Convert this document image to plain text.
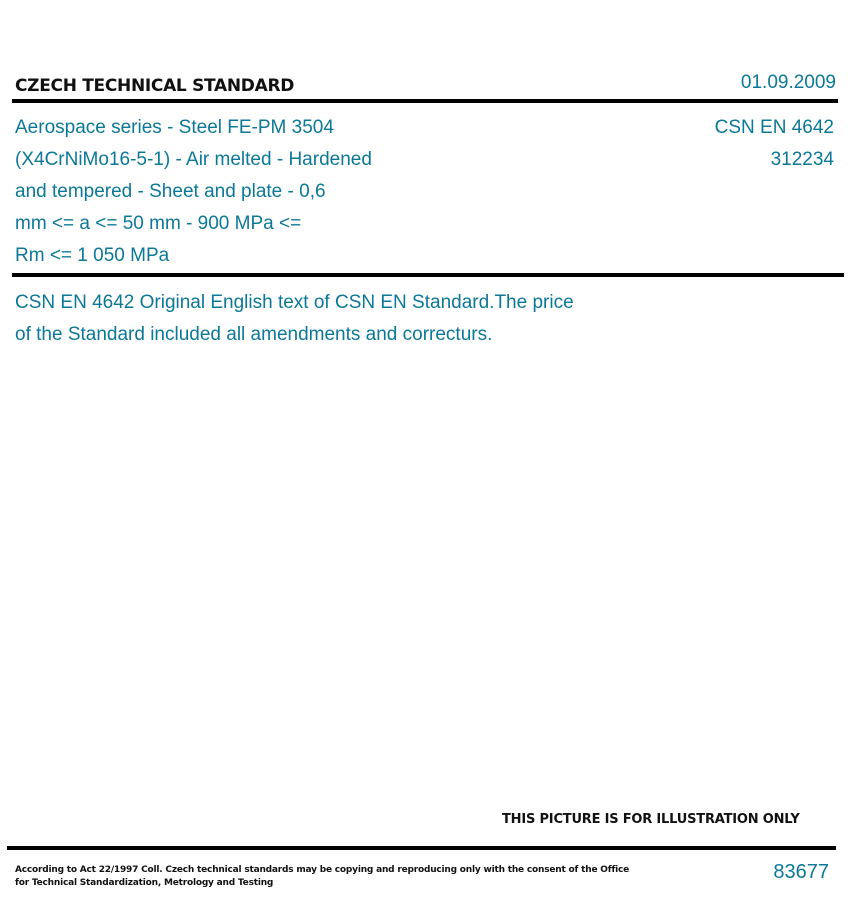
CZECH TECHNICAL STANDARD	01.09.2009
Aerospace series - Steel FE-PM 3504
(X4CrNiMo16-5-1) - Air melted - Hardened
and tempered - Sheet and plate - 0,6
mm <= a <= 50 mm - 900 MPa <=
Rm <= 1 050 MPa
CSN EN 4642
312234
CSN EN 4642 Original English text of CSN EN Standard.The price
of the Standard included all amendments and correcturs.
THIS PICTURE IS FOR ILLUSTRATION ONLY
According to Act 22/1997 Coll. Czech technical standards may be copying and reproducing only with the consent of the Office
for Technical Standardization, Metrology and Testing	83677
